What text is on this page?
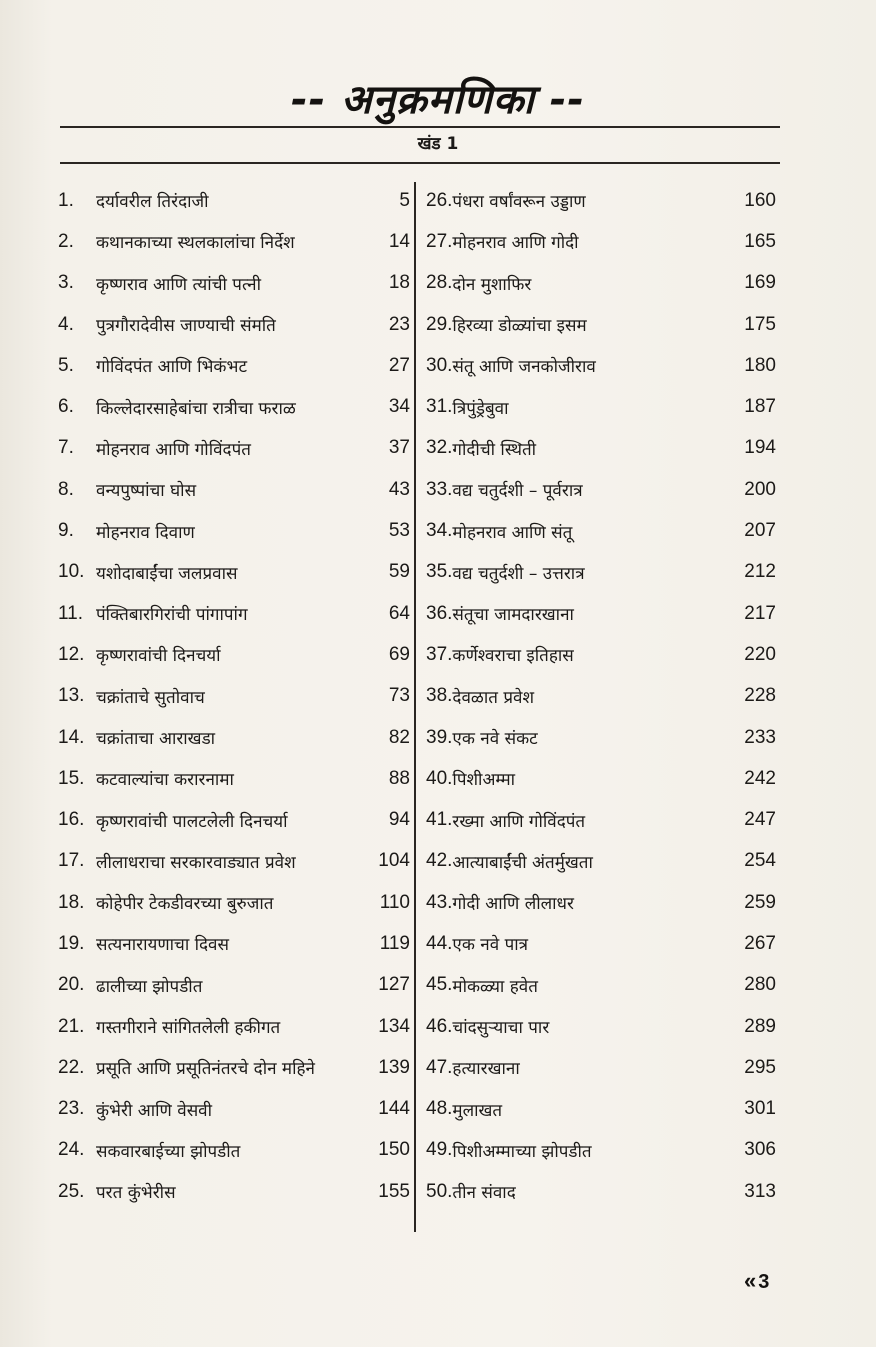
-- अनुक्रमणिका --
खंड 1
1.	दर्यावरील तिरंदाजी	5
2.	कथानकाच्या स्थलकालांचा निर्देश	14
3.	कृष्णराव आणि त्यांची पत्नी	18
4.	पुत्रगौरादेवीस जाण्याची संमति	23
5.	गोविंदपंत आणि भिकंभट	27
6.	किल्लेदारसाहेबांचा रात्रीचा फराळ	34
7.	मोहनराव आणि गोविंदपंत	37
8.	वन्यपुष्पांचा घोस	43
9.	मोहनराव दिवाण	53
10. यशोदाबाईंचा जलप्रवास	59
11. पंक्तिबारगिरांची पांगापांग	64
12. कृष्णरावांची दिनचर्या	69
13. चक्रांताचे सुतोवाच	73
14. चक्रांताचा आराखडा	82
15. कटवाल्यांचा करारनामा	88
16. कृष्णरावांची पालटलेली दिनचर्या	94
17. लीलाधराचा सरकारवाड्यात प्रवेश	104
18. कोहेपीर टेकडीवरच्या बुरुजात	110
19. सत्यनारायणाचा दिवस	119
20. ढालीच्या झोपडीत	127
21. गस्तगीराने सांगितलेली हकीगत	134
22. प्रसूति आणि प्रसूतिनंतरचे दोन महिने	139
23. कुंभेरी आणि वेसवी	144
24. सकवारबाईच्या झोपडीत	150
25. परत कुंभेरीस	155
26. पंधरा वर्षांवरून उड्डाण	160
27. मोहनराव आणि गोदी	165
28. दोन मुशाफिर	169
29. हिरव्या डोळ्यांचा इसम	175
30. संतू आणि जनकोजीराव	180
31. त्रिपुंड्रेबुवा	187
32. गोदीची स्थिती	194
33. वद्य चतुर्दशी – पूर्वरात्र	200
34. मोहनराव आणि संतू	207
35. वद्य चतुर्दशी – उत्तरात्र	212
36. संतूचा जामदारखाना	217
37. कर्णेश्वराचा इतिहास	220
38. देवळात प्रवेश	228
39. एक नवे संकट	233
40. पिशीअम्मा	242
41. रख्मा आणि गोविंदपंत	247
42. आत्याबाईंची अंतर्मुखता	254
43. गोदी आणि लीलाधर	259
44. एक नवे पात्र	267
45. मोकळ्या हवेत	280
46. चांदसुऱ्याचा पार	289
47. हत्यारखाना	295
48. मुलाखत	301
49. पिशीअम्माच्या झोपडीत	306
50. तीन संवाद	313
« 3
